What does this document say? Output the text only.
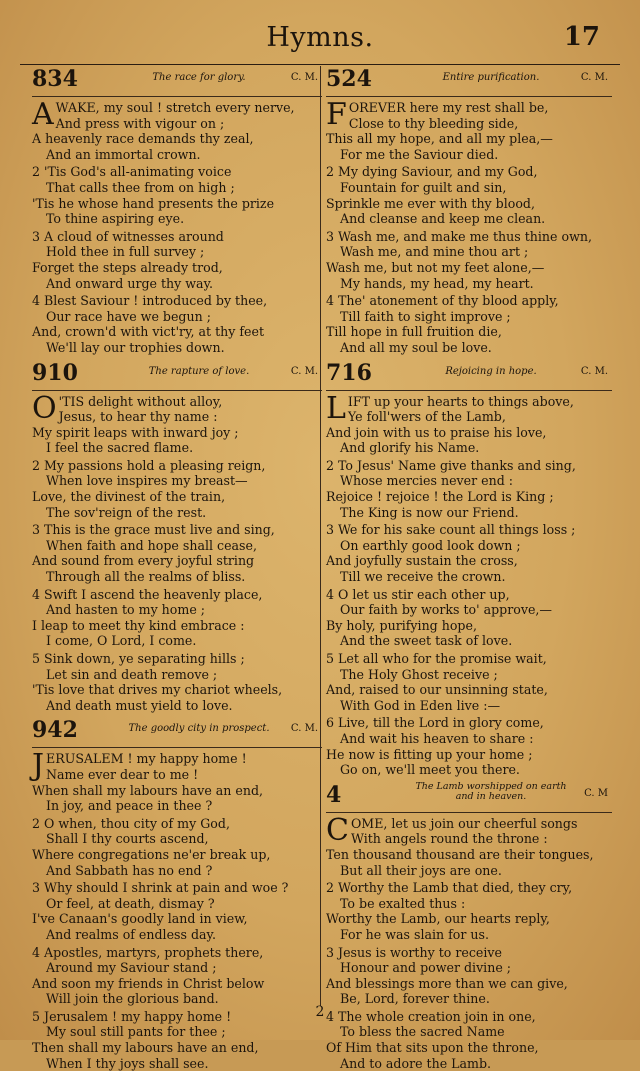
Hymns.	17
834	The race for glory.	C. M.
A WAKE, my soul ! stretch every nerve,
And press with vigour on ;
A heavenly race demands thy zeal,
And an immortal crown.
2 'Tis God's all-animating voice
That calls thee from on high ;
'Tis he whose hand presents the prize
To thine aspiring eye.
3 A cloud of witnesses around
Hold thee in full survey ;
Forget the steps already trod,
And onward urge thy way.
4 Blest Saviour ! introduced by thee,
Our race have we begun ;
And, crown'd with vict'ry, at thy feet
We'll lay our trophies down.
910	The rapture of love.	C. M.
O 'TIS delight without alloy,
Jesus, to hear thy name :
My spirit leaps with inward joy ;
I feel the sacred flame.
2 My passions hold a pleasing reign,
When love inspires my breast—
Love, the divinest of the train,
The sov'reign of the rest.
3 This is the grace must live and sing,
When faith and hope shall cease,
And sound from every joyful string
Through all the realms of bliss.
4 Swift I ascend the heavenly place,
And hasten to my home ;
I leap to meet thy kind embrace :
I come, O Lord, I come.
5 Sink down, ye separating hills ;
Let sin and death remove ;
'Tis love that drives my chariot wheels,
And death must yield to love.
942	The goodly city in prospect.	C. M.
J ERUSALEM ! my happy home !
Name ever dear to me !
When shall my labours have an end,
In joy, and peace in thee ?
2 O when, thou city of my God,
Shall I thy courts ascend,
Where congregations ne'er break up,
And Sabbath has no end ?
3 Why should I shrink at pain and woe ?
Or feel, at death, dismay ?
I've Canaan's goodly land in view,
And realms of endless day.
4 Apostles, martyrs, prophets there,
Around my Saviour stand ;
And soon my friends in Christ below
Will join the glorious band.
5 Jerusalem ! my happy home !
My soul still pants for thee ;
Then shall my labours have an end,
When I thy joys shall see.
524	Entire purification.	C. M.
F OREVER here my rest shall be,
Close to thy bleeding side,
This all my hope, and all my plea,—
For me the Saviour died.
2 My dying Saviour, and my God,
Fountain for guilt and sin,
Sprinkle me ever with thy blood,
And cleanse and keep me clean.
3 Wash me, and make me thus thine own,
Wash me, and mine thou art ;
Wash me, but not my feet alone,—
My hands, my head, my heart.
4 The' atonement of thy blood apply,
Till faith to sight improve ;
Till hope in full fruition die,
And all my soul be love.
716	Rejoicing in hope.	C. M.
L IFT up your hearts to things above,
Ye foll'wers of the Lamb,
And join with us to praise his love,
And glorify his Name.
2 To Jesus' Name give thanks and sing,
Whose mercies never end :
Rejoice ! rejoice ! the Lord is King ;
The King is now our Friend.
3 We for his sake count all things loss ;
On earthly good look down ;
And joyfully sustain the cross,
Till we receive the crown.
4 O let us stir each other up,
Our faith by works to' approve,—
By holy, purifying hope,
And the sweet task of love.
5 Let all who for the promise wait,
The Holy Ghost receive ;
And, raised to our unsinning state,
With God in Eden live :—
6 Live, till the Lord in glory come,
And wait his heaven to share :
He now is fitting up your home ;
Go on, we'll meet you there.
4	The Lamb worshipped on earth and in heaven.	C. M
C OME, let us join our cheerful songs
With angels round the throne :
Ten thousand thousand are their tongues,
But all their joys are one.
2 Worthy the Lamb that died, they cry,
To be exalted thus :
Worthy the Lamb, our hearts reply,
For he was slain for us.
3 Jesus is worthy to receive
Honour and power divine ;
And blessings more than we can give,
Be, Lord, forever thine.
4 The whole creation join in one,
To bless the sacred Name
Of Him that sits upon the throne,
And to adore the Lamb.
2
